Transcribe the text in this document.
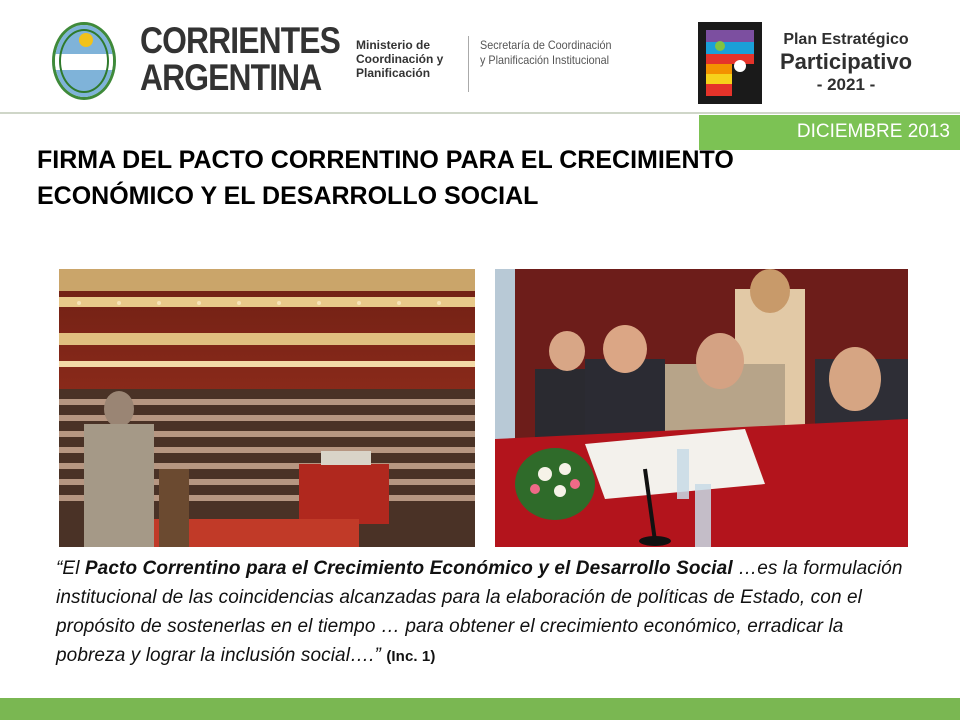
CORRIENTES
ARGENTINA
Ministerio de
Coordinación y
Planificación
Secretaría de Coordinación
y Planificación Institucional
Plan Estratégico
Participativo
- 2021 -
DICIEMBRE 2013
FIRMA DEL PACTO CORRENTINO PARA EL CRECIMIENTO ECONÓMICO Y EL DESARROLLO SOCIAL
“El Pacto Correntino para el Crecimiento Económico y el Desarrollo Social …es la formulación institucional de las coincidencias alcanzadas para la elaboración de políticas de Estado, con el propósito de sostenerlas en el tiempo … para obtener el crecimiento económico, erradicar la pobreza y lograr la inclusión social….” (Inc. 1)
